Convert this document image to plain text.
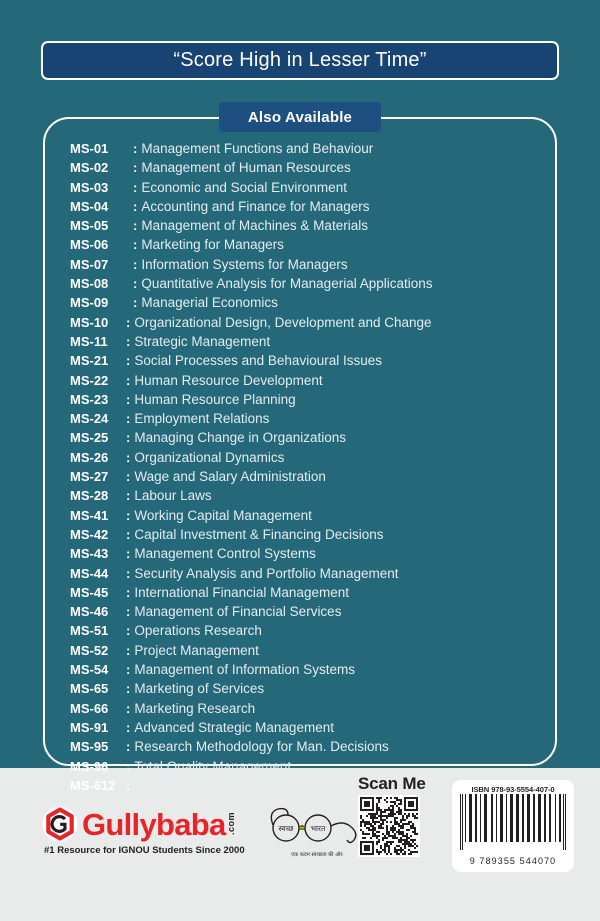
“Score High in Lesser Time”
Also Available
MS-01	: Management Functions and Behaviour
MS-02	: Management of Human Resources
MS-03	: Economic and Social Environment
MS-04	: Accounting and Finance for Managers
MS-05	: Management of Machines & Materials
MS-06	: Marketing for Managers
MS-07	: Information Systems for Managers
MS-08	: Quantitative Analysis for Managerial Applications
MS-09	: Managerial Economics
MS-10	: Organizational Design, Development and Change
MS-11	: Strategic Management
MS-21	: Social Processes and Behavioural Issues
MS-22	: Human Resource Development
MS-23	: Human Resource Planning
MS-24	: Employment Relations
MS-25	: Managing Change in Organizations
MS-26	: Organizational Dynamics
MS-27	: Wage and Salary Administration
MS-28	: Labour Laws
MS-41	: Working Capital Management
MS-42	: Capital Investment & Financing Decisions
MS-43	: Management Control Systems
MS-44	: Security Analysis and Portfolio Management
MS-45	: International Financial Management
MS-46	: Management of Financial Services
MS-51	: Operations Research
MS-52	: Project Management
MS-54	: Management of Information Systems
MS-65	: Marketing of Services
MS-66	: Marketing Research
MS-91	: Advanced Strategic Management
MS-95	: Research Methodology for Man. Decisions
MS-96	: Total Quality Management
MS-612 : Retail Management
Gullybaba .com
#1 Resource for IGNOU Students Since 2000
स्वच्छ भारत
एक कदम स्वच्छता की ऑर
Scan Me	ISBN 978-93-5554-407-0
9 789355 544070
